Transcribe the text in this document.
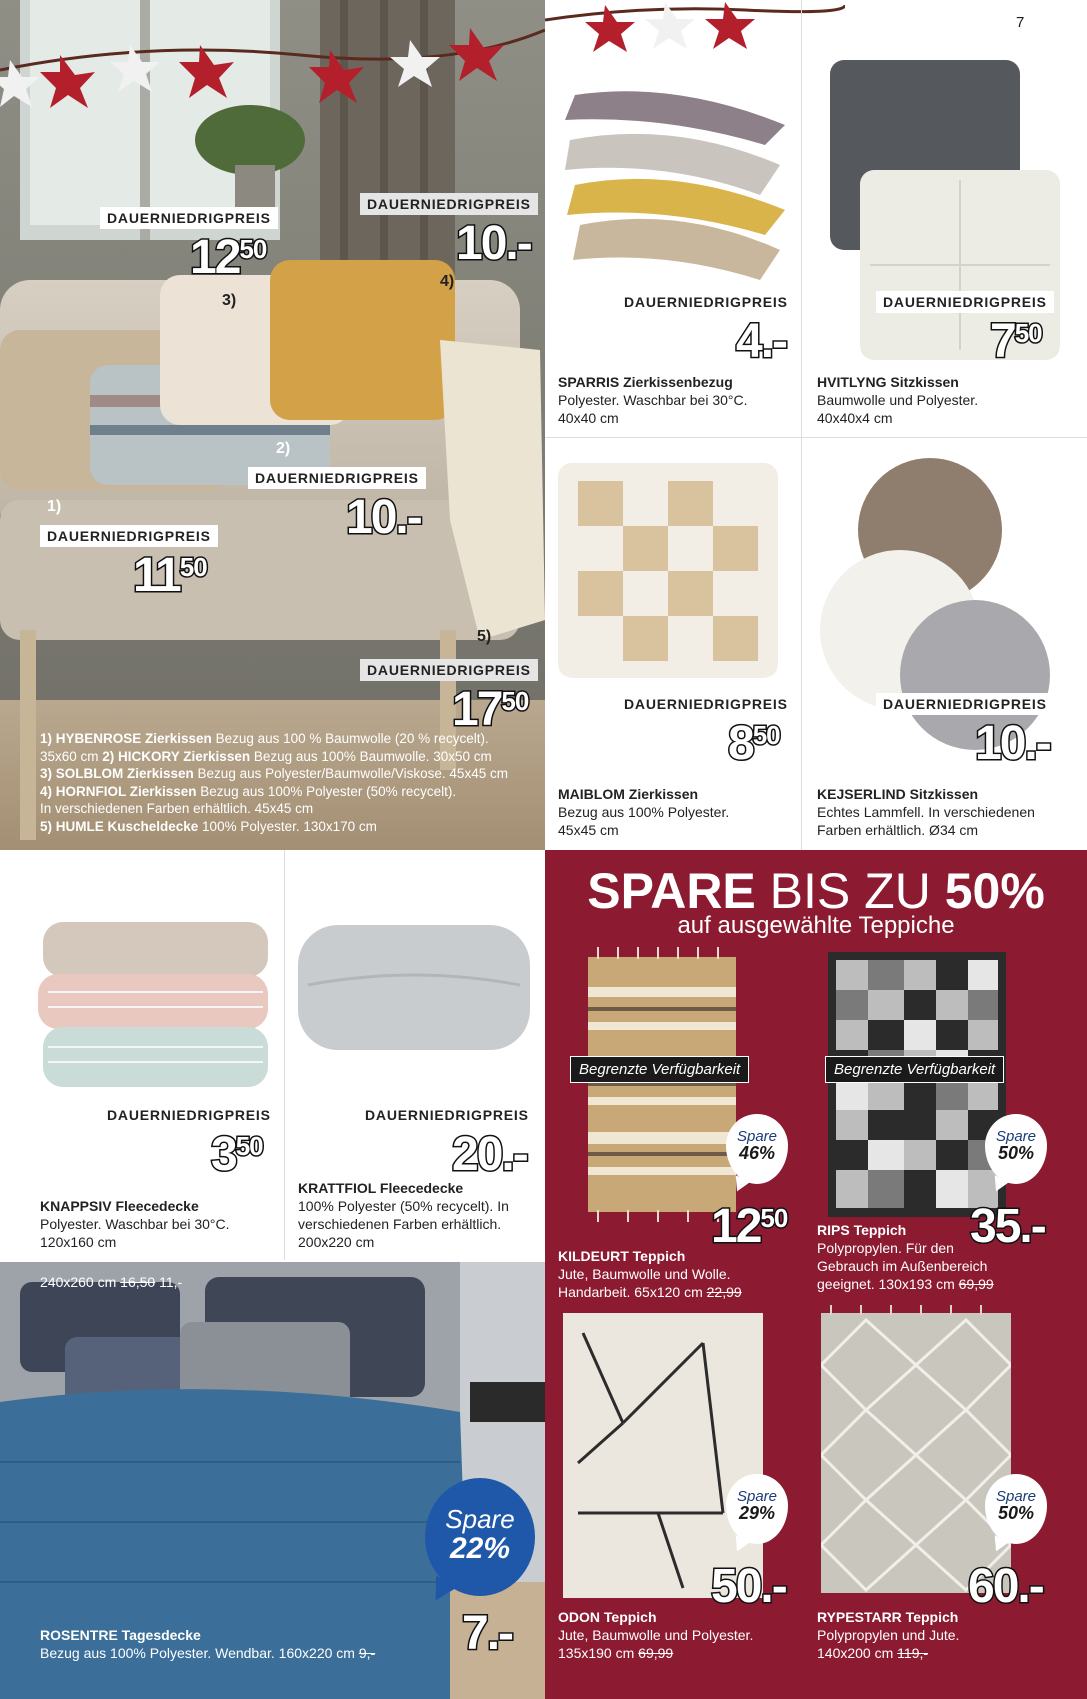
7
1)
2)
3)
4)
5)
DAUERNIEDRIGPREIS
1250
DAUERNIEDRIGPREIS
10.-
DAUERNIEDRIGPREIS
10.-
DAUERNIEDRIGPREIS
1150
DAUERNIEDRIGPREIS
1750
1) HYBENROSE Zierkissen Bezug aus 100 % Baumwolle (20 % recycelt).
35x60 cm 2) HICKORY Zierkissen Bezug aus 100% Baumwolle. 30x50 cm
3) SOLBLOM Zierkissen Bezug aus Polyester/Baumwolle/Viskose. 45x45 cm
4) HORNFIOL Zierkissen Bezug aus 100% Polyester (50% recycelt).
In verschiedenen Farben erhältlich. 45x45 cm
5) HUMLE Kuscheldecke 100% Polyester. 130x170 cm
DAUERNIEDRIGPREIS
4.-
SPARRIS Zierkissenbezug
Polyester. Waschbar bei 30°C.
40x40 cm
DAUERNIEDRIGPREIS
750
HVITLYNG Sitzkissen
Baumwolle und Polyester.
40x40x4 cm
DAUERNIEDRIGPREIS
850
MAIBLOM Zierkissen
Bezug aus 100% Polyester.
45x45 cm
DAUERNIEDRIGPREIS
10.-
KEJSERLIND Sitzkissen
Echtes Lammfell. In verschiedenen
Farben erhältlich. Ø34 cm
DAUERNIEDRIGPREIS
350
KNAPPSIV Fleecedecke
Polyester. Waschbar bei 30°C.
120x160 cm
DAUERNIEDRIGPREIS
20.-
KRATTFIOL Fleecedecke
100% Polyester (50% recycelt). In
verschiedenen Farben erhältlich.
200x220 cm
240x260 cm 16,50 11,-
Spare
22%
7.-
ROSENTRE Tagesdecke
Bezug aus 100% Polyester. Wendbar. 160x220 cm 9,-
SPARE BIS ZU 50%
auf ausgewählte Teppiche
Begrenzte Verfügbarkeit
Spare
46%
1250
KILDEURT Teppich
Jute, Baumwolle und Wolle.
Handarbeit. 65x120 cm 22,99
Begrenzte Verfügbarkeit
Spare
50%
35.-
RIPS Teppich
Polypropylen. Für den
Gebrauch im Außenbereich
geeignet. 130x193 cm 69,99
Spare
29%
50.-
ODON Teppich
Jute, Baumwolle und Polyester.
135x190 cm 69,99
Spare
50%
60.-
RYPESTARR Teppich
Polypropylen und Jute.
140x200 cm 119,-
